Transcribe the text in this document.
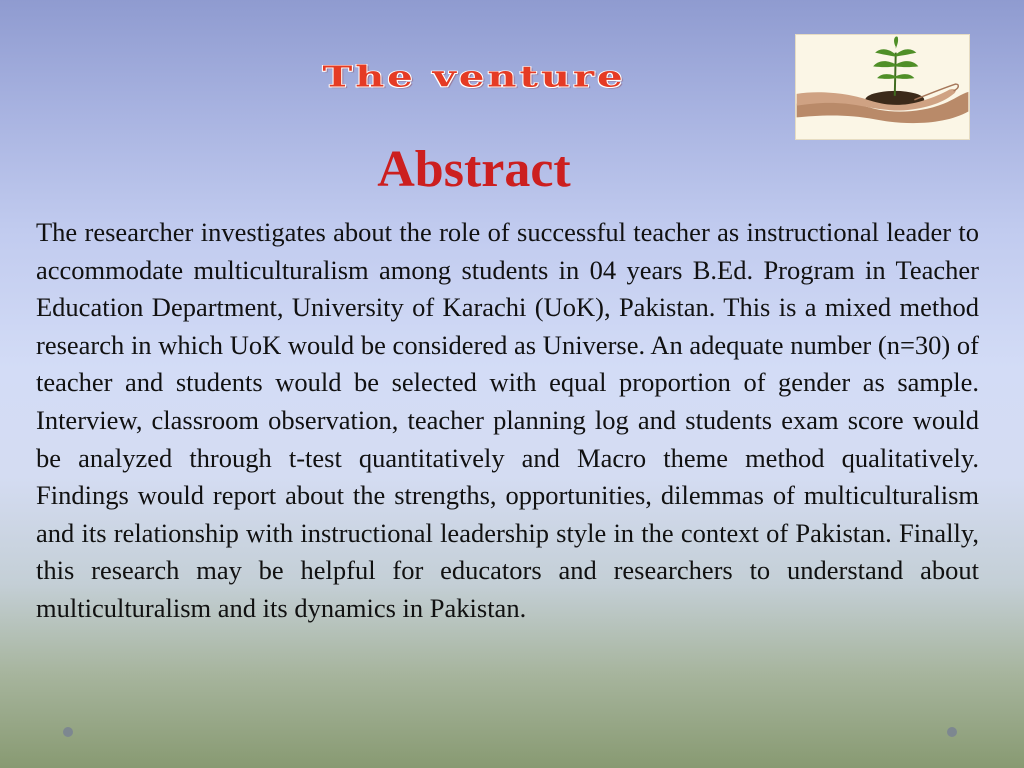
The venture
Abstract

The researcher investigates about the role of successful teacher as instructional leader to accommodate multiculturalism among students in 04 years B.Ed. Program in Teacher Education Department, University of Karachi (UoK), Pakistan. This is a mixed method research in which UoK would be considered as Universe. An adequate number (n=30) of teacher and students would be selected with equal proportion of gender as sample. Interview, classroom observation, teacher planning log and students exam score would be analyzed through t-test quantitatively and Macro theme method qualitatively. Findings would report about the strengths, opportunities, dilemmas of multiculturalism and its relationship with instructional leadership style in the context of Pakistan. Finally, this research may be helpful for educators and researchers to understand about multiculturalism and its dynamics in Pakistan.
